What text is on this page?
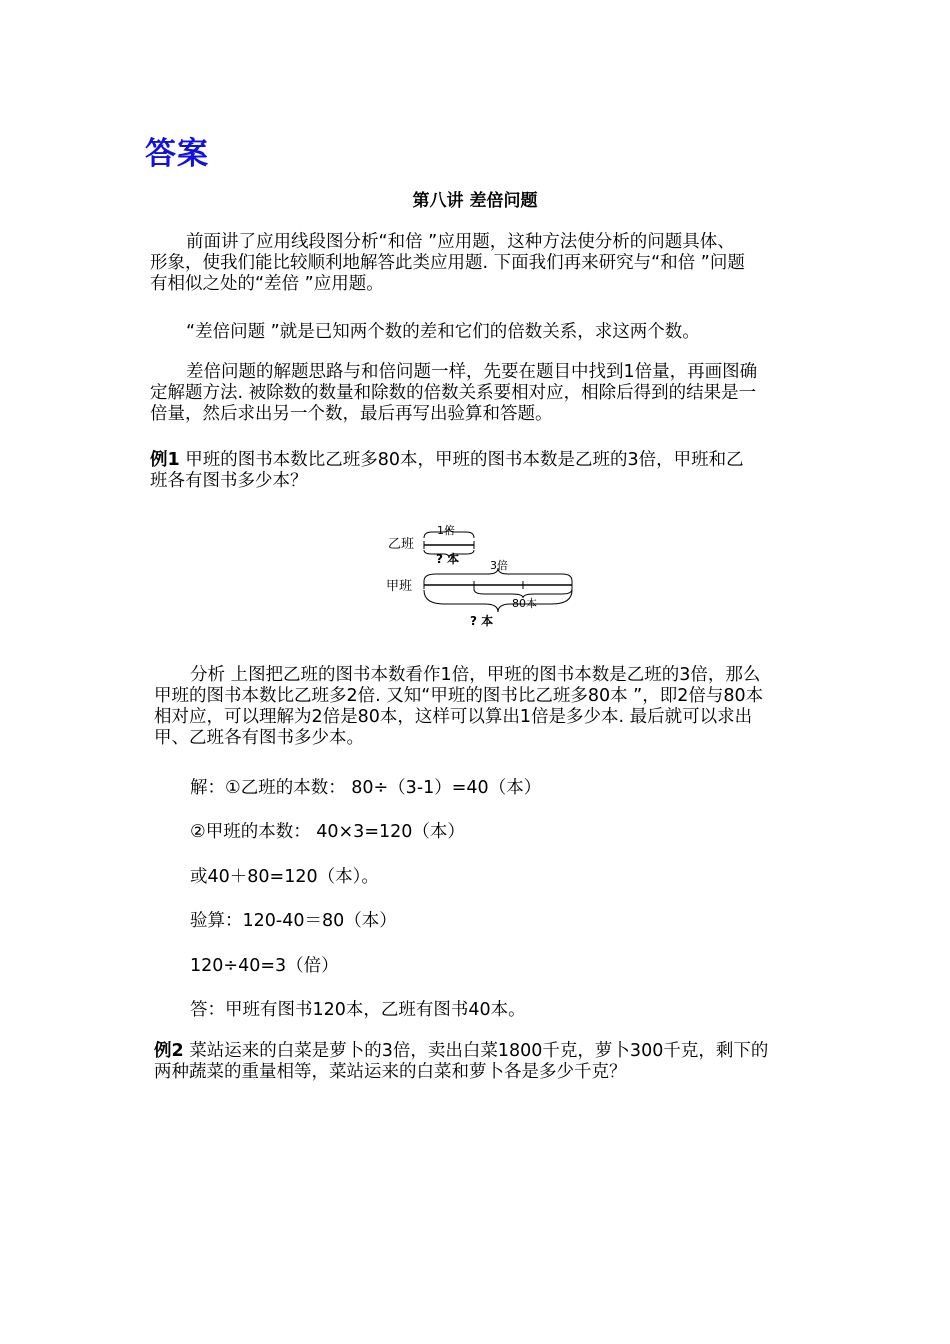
答案
第八讲 差倍问题
前面讲了应用线段图分析“和倍 ”应用题，这种方法使分析的问题具体、
形象，使我们能比较顺利地解答此类应用题. 下面我们再来研究与“和倍 ”问题
有相似之处的“差倍 ”应用题。
“差倍问题 ”就是已知两个数的差和它们的倍数关系，求这两个数。
差倍问题的解题思路与和倍问题一样，先要在题目中找到1倍量，再画图确
定解题方法. 被除数的数量和除数的倍数关系要相对应，相除后得到的结果是一
倍量，然后求出另一个数，最后再写出验算和答题。
例1 甲班的图书本数比乙班多80本，甲班的图书本数是乙班的3倍，甲班和乙
班各有图书多少本？
乙班
1倍
? 本
甲班
3倍
80本
? 本
分析 上图把乙班的图书本数看作1倍，甲班的图书本数是乙班的3倍，那么
甲班的图书本数比乙班多2倍. 又知“甲班的图书比乙班多80本 ”，即2倍与80本
相对应，可以理解为2倍是80本，这样可以算出1倍是多少本. 最后就可以求出
甲、乙班各有图书多少本。
解：①乙班的本数： 80÷（3-1）=40（本）
②甲班的本数： 40×3=120（本）
或40＋80=120（本）。
验算：120-40＝80（本）
120÷40=3（倍）
答：甲班有图书120本，乙班有图书40本。
例2 菜站运来的白菜是萝卜的3倍，卖出白菜1800千克，萝卜300千克，剩下的
两种蔬菜的重量相等，菜站运来的白菜和萝卜各是多少千克？
